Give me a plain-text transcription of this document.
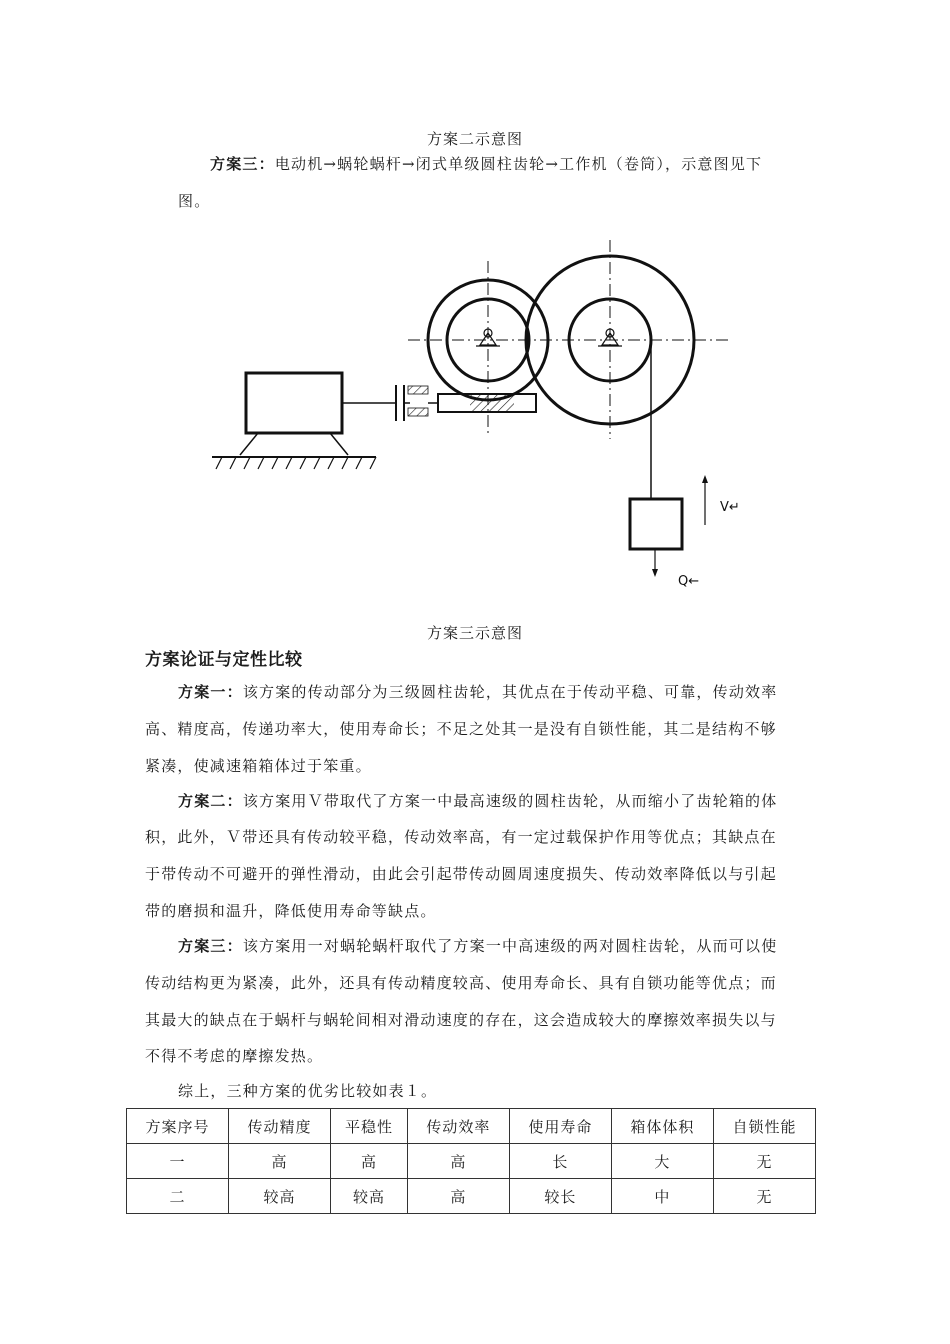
方案二示意图
方案三：电动机→蜗轮蜗杆→闭式单级圆柱齿轮→工作机（卷筒），示意图见下
图。
V↵
Q←
方案三示意图
方案论证与定性比较
方案一：该方案的传动部分为三级圆柱齿轮，其优点在于传动平稳、可靠，传动效率
高、精度高，传递功率大，使用寿命长；不足之处其一是没有自锁性能，其二是结构不够
紧凑，使减速箱箱体过于笨重。
方案二：该方案用Ｖ带取代了方案一中最高速级的圆柱齿轮，从而缩小了齿轮箱的体
积，此外，Ｖ带还具有传动较平稳，传动效率高，有一定过载保护作用等优点；其缺点在
于带传动不可避开的弹性滑动，由此会引起带传动圆周速度损失、传动效率降低以与引起
带的磨损和温升，降低使用寿命等缺点。
方案三：该方案用一对蜗轮蜗杆取代了方案一中高速级的两对圆柱齿轮，从而可以使
传动结构更为紧凑，此外，还具有传动精度较高、使用寿命长、具有自锁功能等优点；而
其最大的缺点在于蜗杆与蜗轮间相对滑动速度的存在，这会造成较大的摩擦效率损失以与
不得不考虑的摩擦发热。
综上，三种方案的优劣比较如表１。
方案序号	传动精度	平稳性	传动效率	使用寿命	箱体体积	自锁性能
一	高	高	高	长	大	无
二	较高	较高	高	较长	中	无
